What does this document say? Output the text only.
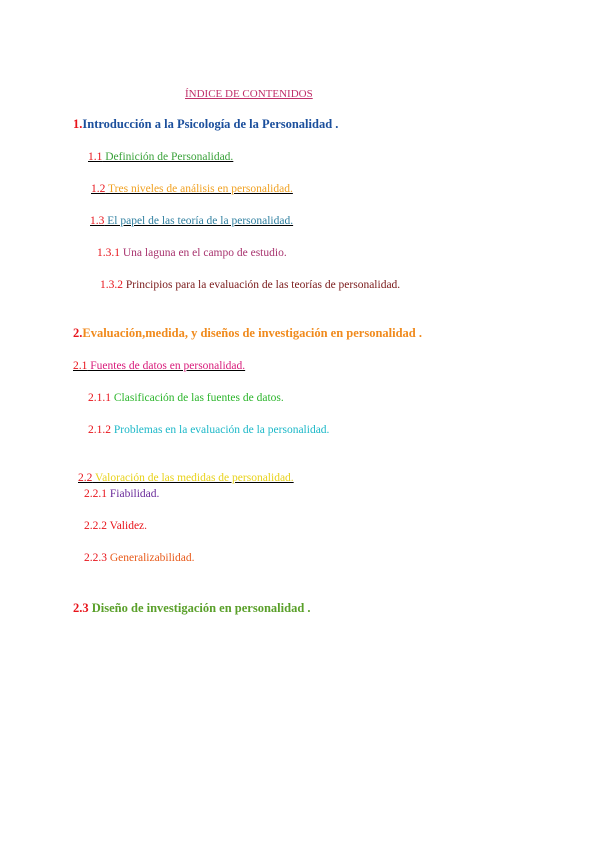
ÍNDICE DE CONTENIDOS
1.Introducción a la Psicología de la Personalidad .
1.1 Definición de Personalidad.
1.2 Tres niveles de análisis en personalidad.
1.3 El papel de las teoría de la personalidad.
1.3.1 Una laguna en el campo de estudio.
1.3.2 Principios para la evaluación de las teorías de personalidad.
2.Evaluación,medida, y diseños de investigación en personalidad .
2.1 Fuentes de datos en personalidad.
2.1.1 Clasificación de las fuentes de datos.
2.1.2 Problemas en la evaluación de la personalidad.
2.2 Valoración de las medidas de personalidad.
2.2.1 Fiabilidad.
2.2.2 Validez.
2.2.3 Generalizabilidad.
2.3 Diseño de investigación en personalidad .
